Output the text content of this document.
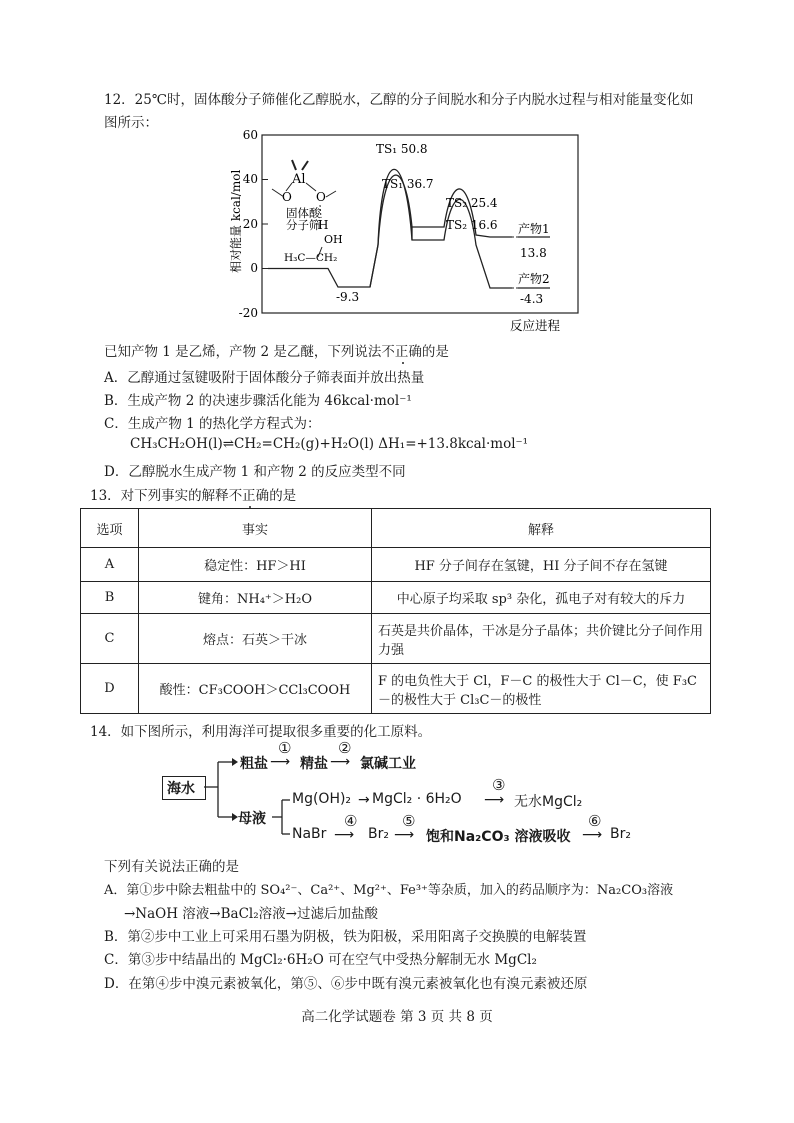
12．25℃时，固体酸分子筛催化乙醇脱水，乙醇的分子间脱水和分子内脱水过程与相对能量变化如
图所示：
60
40
20
0
-20
相对能量 kcal/mol
反应进程
TS₁ 50.8
TS₁ 36.7
TS₂ 25.4
TS₂ 16.6
-9.3
产物1
13.8
产物2
-4.3
Al
O O
固体酸
分子筛
H
OH
H₃C—CH₂
已知产物 1 是乙烯，产物 2 是乙醚，下列说法不正确的是
A．乙醇通过氢键吸附于固体酸分子筛表面并放出热量
B．生成产物 2 的决速步骤活化能为 46kcal·mol⁻¹
C．生成产物 1 的热化学方程式为：
CH₃CH₂OH(l)⇌CH₂=CH₂(g)+H₂O(l) ΔH₁=+13.8kcal·mol⁻¹
D．乙醇脱水生成产物 1 和产物 2 的反应类型不同
13．对下列事实的解释不正确的是
选项	事实	解释
A	稳定性：HF＞HI	HF 分子间存在氢键，HI 分子间不存在氢键
B	键角：NH₄⁺＞H₂O	中心原子均采取 sp³ 杂化，孤电子对有较大的斥力
C	熔点：石英＞干冰	石英是共价晶体，干冰是分子晶体；共价键比分子间作用力强
D	酸性：CF₃COOH＞CCl₃COOH	F 的电负性大于 Cl，F－C 的极性大于 Cl－C，使 F₃C－的极性大于 Cl₃C－的极性
14．如下图所示，利用海洋可提取很多重要的化工原料。
海水
粗盐
①
⟶ 精盐
②
⟶ 氯碱工业
母液
Mg(OH)₂ → MgCl₂ · 6H₂O
③
⟶ 无水MgCl₂
NaBr
④
⟶ Br₂
⑤
⟶ 饱和Na₂CO₃ 溶液吸收
⑥
⟶ Br₂
下列有关说法正确的是
A．第①步中除去粗盐中的 SO₄²⁻、Ca²⁺、Mg²⁺、Fe³⁺等杂质，加入的药品顺序为：Na₂CO₃溶液
→NaOH 溶液→BaCl₂溶液→过滤后加盐酸
B．第②步中工业上可采用石墨为阴极，铁为阳极，采用阳离子交换膜的电解装置
C．第③步中结晶出的 MgCl₂·6H₂O 可在空气中受热分解制无水 MgCl₂
D．在第④步中溴元素被氧化，第⑤、⑥步中既有溴元素被氧化也有溴元素被还原
高二化学试题卷 第 3 页 共 8 页
